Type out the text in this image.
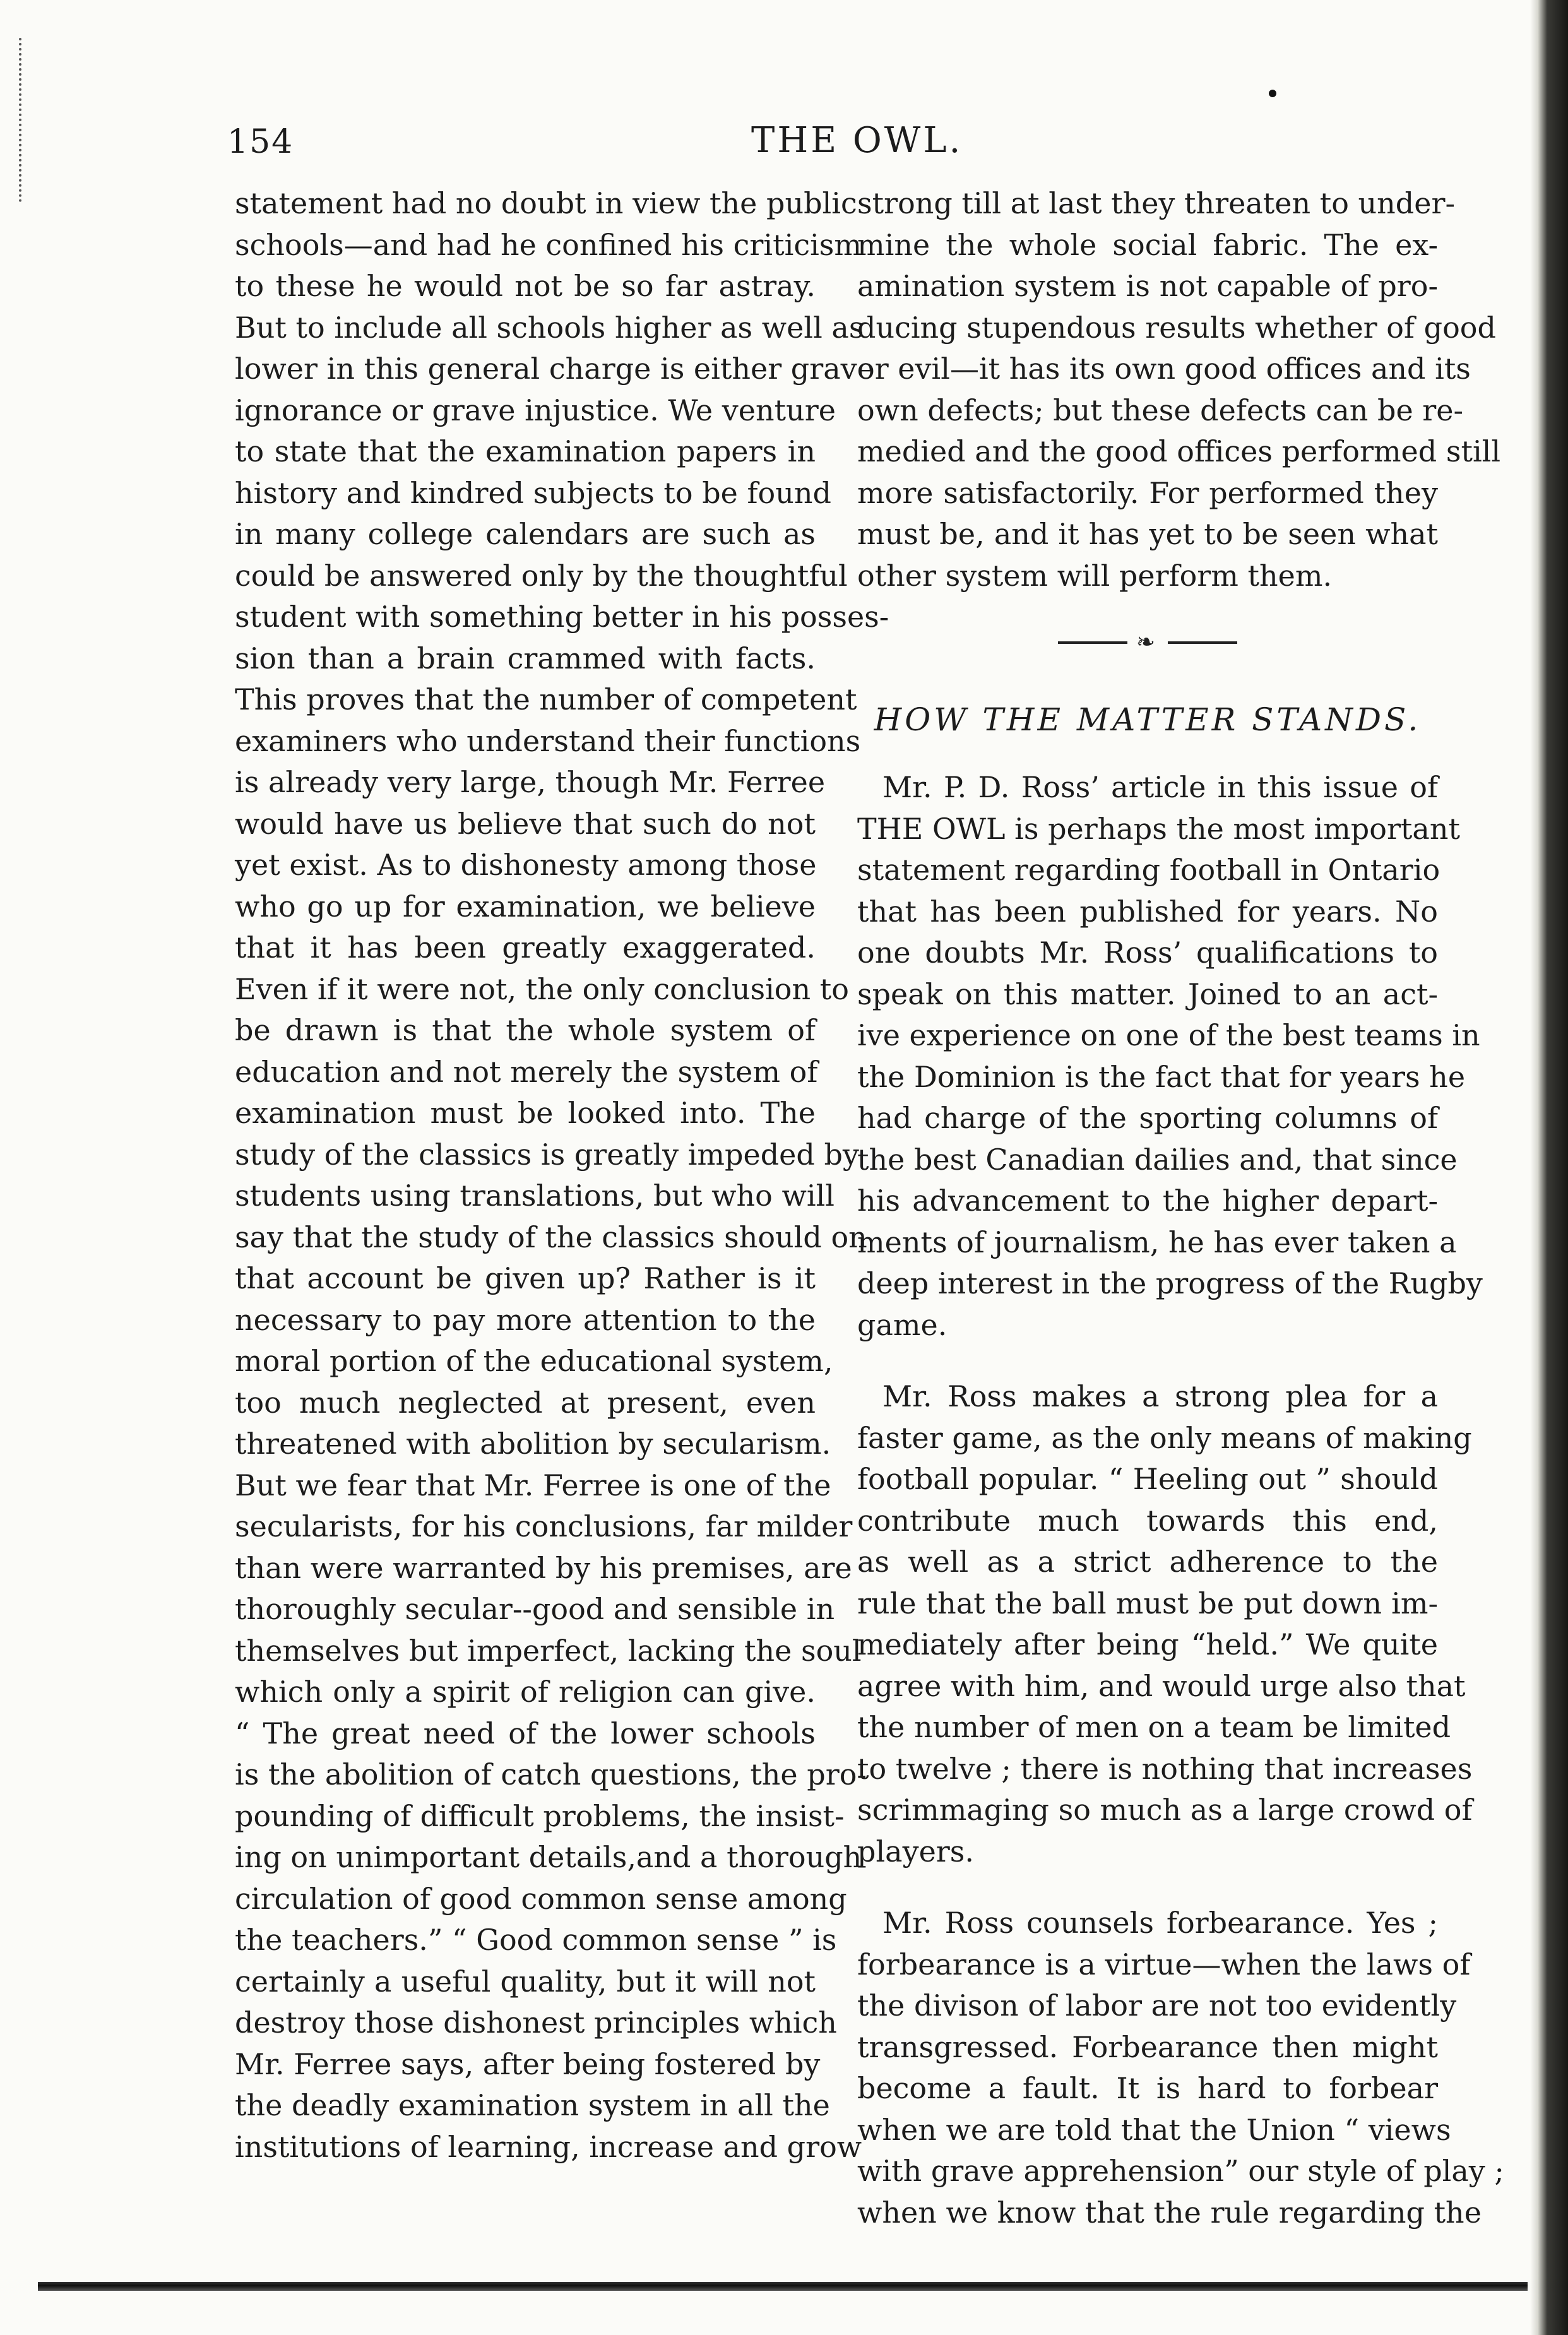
154	THE OWL.
statement had no doubt in view the public
schools—and had he confined his criticism
to these he would not be so far astray.
But to include all schools higher as well as
lower in this general charge is either grave
ignorance or grave injustice. We venture
to state that the examination papers in
history and kindred subjects to be found
in many college calendars are such as
could be answered only by the thoughtful
student with something better in his posses-
sion than a brain crammed with facts.
This proves that the number of competent
examiners who understand their functions
is already very large, though Mr. Ferree
would have us believe that such do not
yet exist. As to dishonesty among those
who go up for examination, we believe
that it has been greatly exaggerated.
Even if it were not, the only conclusion to
be drawn is that the whole system of
education and not merely the system of
examination must be looked into. The
study of the classics is greatly impeded by
students using translations, but who will
say that the study of the classics should on
that account be given up? Rather is it
necessary to pay more attention to the
moral portion of the educational system,
too much neglected at present, even
threatened with abolition by secularism.
But we fear that Mr. Ferree is one of the
secularists, for his conclusions, far milder
than were warranted by his premises, are
thoroughly secular--good and sensible in
themselves but imperfect, lacking the soul
which only a spirit of religion can give.
“ The great need of the lower schools
is the abolition of catch questions, the pro-
pounding of difficult problems, the insist-
ing on unimportant details,and a thorough
circulation of good common sense among
the teachers.” “ Good common sense ” is
certainly a useful quality, but it will not
destroy those dishonest principles which
Mr. Ferree says, after being fostered by
the deadly examination system in all the
institutions of learning, increase and grow
strong till at last they threaten to under-
mine the whole social fabric. The ex-
amination system is not capable of pro-
ducing stupendous results whether of good
or evil—it has its own good offices and its
own defects; but these defects can be re-
medied and the good offices performed still
more satisfactorily. For performed they
must be, and it has yet to be seen what
other system will perform them.
❧
HOW THE MATTER STANDS.
Mr. P. D. Ross’ article in this issue of
THE OWL is perhaps the most important
statement regarding football in Ontario
that has been published for years. No
one doubts Mr. Ross’ qualifications to
speak on this matter. Joined to an act-
ive experience on one of the best teams in
the Dominion is the fact that for years he
had charge of the sporting columns of
the best Canadian dailies and, that since
his advancement to the higher depart-
ments of journalism, he has ever taken a
deep interest in the progress of the Rugby
game.
Mr. Ross makes a strong plea for a
faster game, as the only means of making
football popular. “ Heeling out ” should
contribute much towards this end,
as well as a strict adherence to the
rule that the ball must be put down im-
mediately after being “held.” We quite
agree with him, and would urge also that
the number of men on a team be limited
to twelve ; there is nothing that increases
scrimmaging so much as a large crowd of
players.
Mr. Ross counsels forbearance. Yes ;
forbearance is a virtue—when the laws of
the divison of labor are not too evidently
transgressed. Forbearance then might
become a fault. It is hard to forbear
when we are told that the Union “ views
with grave apprehension” our style of play ;
when we know that the rule regarding the
